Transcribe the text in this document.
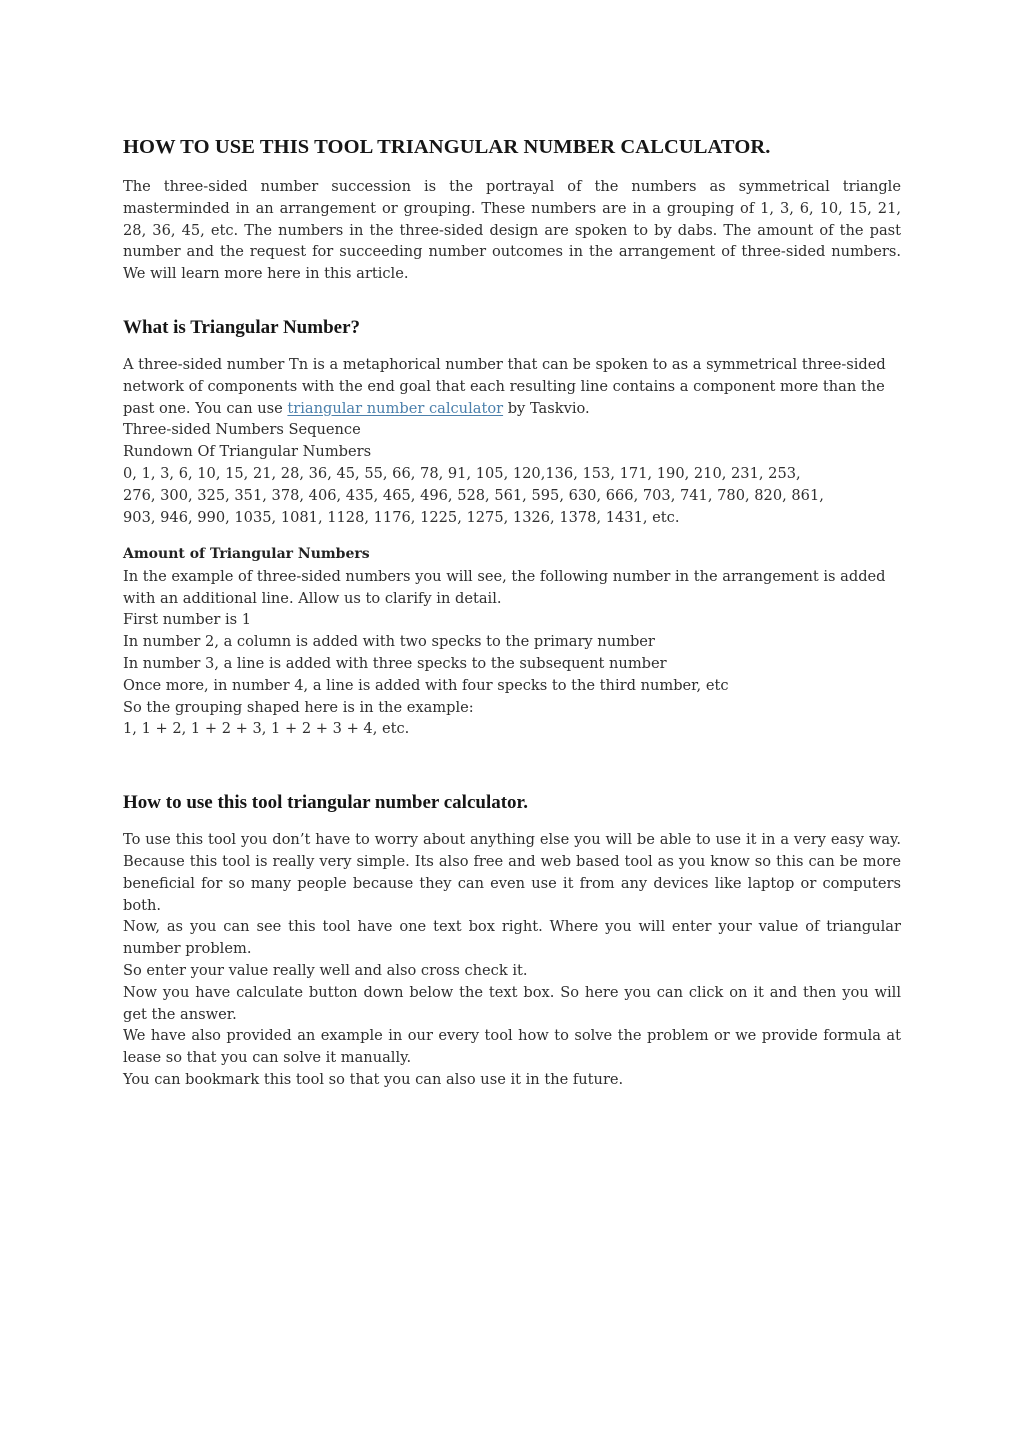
HOW TO USE THIS TOOL TRIANGULAR NUMBER CALCULATOR.

The three-sided number succession is the portrayal of the numbers as symmetrical triangle masterminded in an arrangement or grouping. These numbers are in a grouping of 1, 3, 6, 10, 15, 21, 28, 36, 45, etc. The numbers in the three-sided design are spoken to by dabs. The amount of the past number and the request for succeeding number outcomes in the arrangement of three-sided numbers. We will learn more here in this article.

What is Triangular Number?

A three-sided number Tn is a metaphorical number that can be spoken to as a symmetrical three-sided network of components with the end goal that each resulting line contains a component more than the past one. You can use triangular number calculator by Taskvio.

Three-sided Numbers Sequence
Rundown Of Triangular Numbers
0, 1, 3, 6, 10, 15, 21, 28, 36, 45, 55, 66, 78, 91, 105, 120,136, 153, 171, 190, 210, 231, 253,
276, 300, 325, 351, 378, 406, 435, 465, 496, 528, 561, 595, 630, 666, 703, 741, 780, 820, 861,
903, 946, 990, 1035, 1081, 1128, 1176, 1225, 1275, 1326, 1378, 1431, etc.
Amount of Triangular Numbers

In the example of three-sided numbers you will see, the following number in the arrangement is added with an additional line. Allow us to clarify in detail.

First number is 1
In number 2, a column is added with two specks to the primary number
In number 3, a line is added with three specks to the subsequent number
Once more, in number 4, a line is added with four specks to the third number, etc
So the grouping shaped here is in the example:
1, 1 + 2, 1 + 2 + 3, 1 + 2 + 3 + 4, etc.
How to use this tool triangular number calculator.

To use this tool you don’t have to worry about anything else you will be able to use it in a very easy way. Because this tool is really very simple. Its also free and web based tool as you know so this can be more beneficial for so many people because they can even use it from any devices like laptop or computers both.

Now, as you can see this tool have one text box right. Where you will enter your value of triangular number problem.

So enter your value really well and also cross check it.

Now you have calculate button down below the text box. So here you can click on it and then you will get the answer.

We have also provided an example in our every tool how to solve the problem or we provide formula at lease so that you can solve it manually.

You can bookmark this tool so that you can also use it in the future.
